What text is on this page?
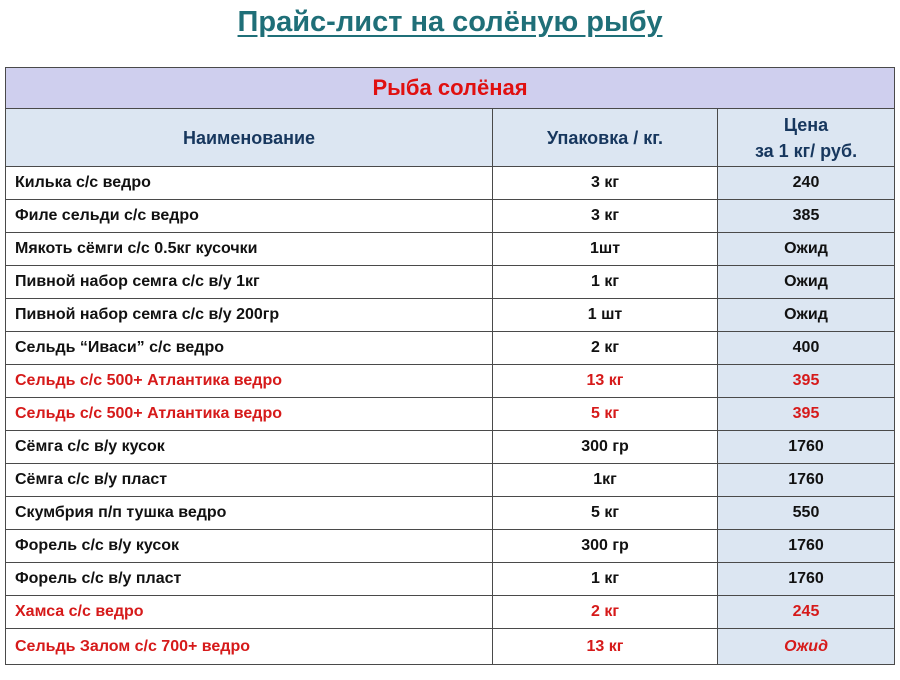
Прайс-лист на солёную рыбу
Рыба солёная		
Наименование	Упаковка / кг.	Цена
за 1 кг/ руб.

Килька с/с ведро	3 кг	240
Филе сельди с/с ведро	3 кг	385
Мякоть сёмги с/с 0.5кг кусочки	1шт	Ожид
Пивной набор семга с/с в/у 1кг	1 кг	Ожид
Пивной набор семга с/с в/у 200гр	1 шт	Ожид
Сельдь “Иваси” с/с ведро	2 кг	400
Сельдь с/с 500+ Атлантика ведро	13 кг	395
Сельдь с/с 500+ Атлантика ведро	5 кг	395
Сёмга с/с в/у кусок	300 гр	1760
Сёмга с/с в/у пласт	1кг	1760
Скумбрия п/п тушка ведро	5 кг	550
Форель с/с в/у кусок	300 гр	1760
Форель с/с в/у пласт	1 кг	1760
Хамса с/с ведро	2 кг	245
Сельдь Залом с/с 700+ ведро	13 кг	Ожид
